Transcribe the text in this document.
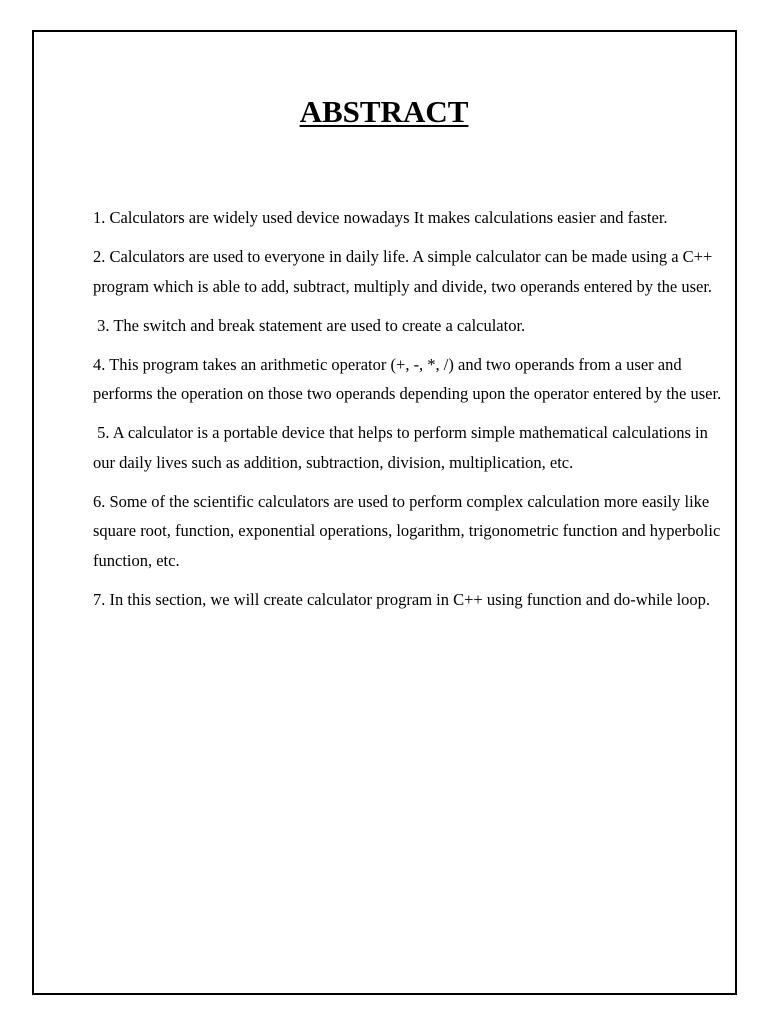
ABSTRACT

1. Calculators are widely used device nowadays It makes calculations easier and faster.

2. Calculators are used to everyone in daily life. A simple calculator can be made using a C++ program which is able to add, subtract, multiply and divide, two operands entered by the user.

3. The switch and break statement are used to create a calculator.

4. This program takes an arithmetic operator (+, -, *, /) and two operands from a user and performs the operation on those two operands depending upon the operator entered by the user.

5. A calculator is a portable device that helps to perform simple mathematical calculations in our daily lives such as addition, subtraction, division, multiplication, etc.

6. Some of the scientific calculators are used to perform complex calculation more easily like square root, function, exponential operations, logarithm, trigonometric function and hyperbolic function, etc.

7. In this section, we will create calculator program in C++ using function and do-while loop.
